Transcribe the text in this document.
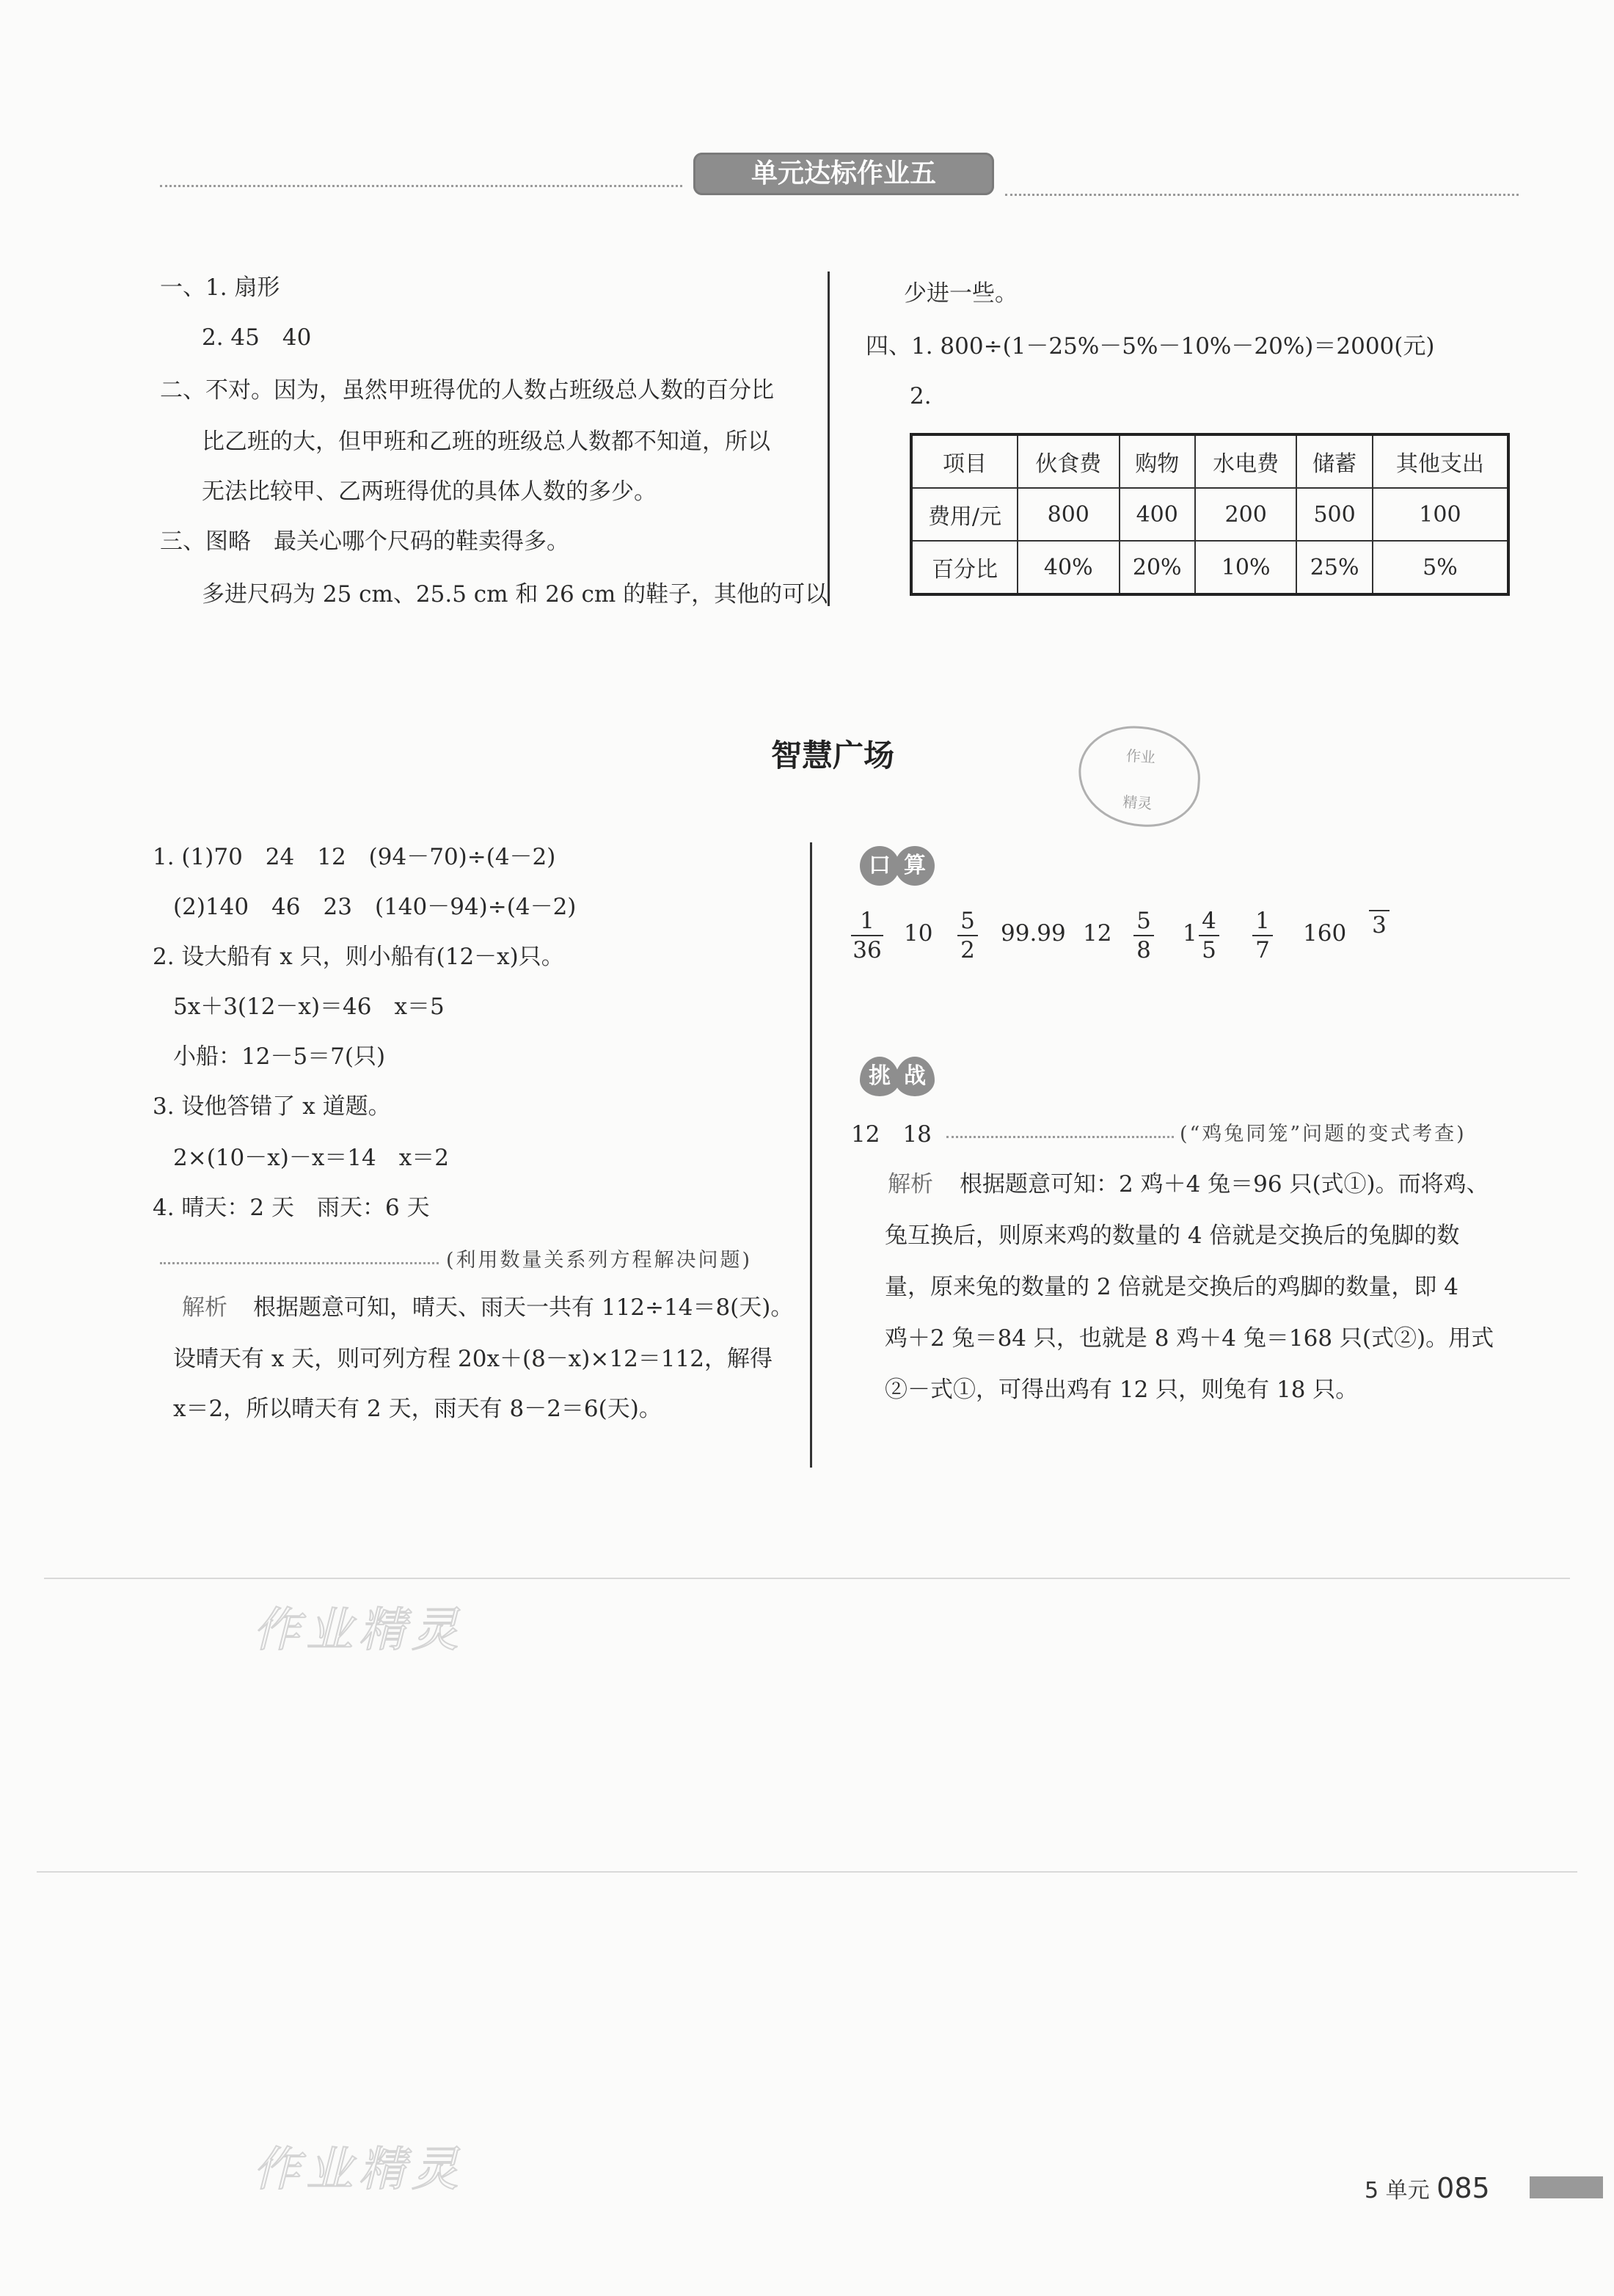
单元达标作业五
一、1. 扇形
2. 45　40
二、不对。因为，虽然甲班得优的人数占班级总人数的百分比
比乙班的大，但甲班和乙班的班级总人数都不知道，所以
无法比较甲、乙两班得优的具体人数的多少。
三、图略　最关心哪个尺码的鞋卖得多。
多进尺码为 25 cm、25.5 cm 和 26 cm 的鞋子，其他的可以
少进一些。
四、1. 800÷(1－25%－5%－10%－20%)＝2000(元)
2.
项目	伙食费	购物	水电费	储蓄	其他支出
费用/元	800	400	200	500	100
百分比	40%	20%	10%	25%	5%
智慧广场	作业
精灵
1. (1)70　24　12　(94－70)÷(4－2)
(2)140　46　23　(140－94)÷(4－2)
2. 设大船有 x 只，则小船有(12－x)只。
5x＋3(12－x)＝46　x＝5
小船：12－5＝7(只)
3. 设他答错了 x 道题。
2×(10－x)－x＝14　x＝2
4. 晴天：2 天　雨天：6 天
(利用数量关系列方程解决问题)
解析 根据题意可知，晴天、雨天一共有 112÷14＝8(天)。
设晴天有 x 天，则可列方程 20x＋(8－x)×12＝112，解得
x＝2，所以晴天有 2 天，雨天有 8－2＝6(天)。
口 算
1
36
10 5
2
99.99 12 5
8
1 4
5
1
7
160 3
挑 战
12　18	(“鸡兔同笼”问题的变式考查)
解析 根据题意可知：2 鸡＋4 兔＝96 只(式①)。而将鸡、
兔互换后，则原来鸡的数量的 4 倍就是交换后的兔脚的数
量，原来兔的数量的 2 倍就是交换后的鸡脚的数量，即 4
鸡＋2 兔＝84 只，也就是 8 鸡＋4 兔＝168 只(式②)。用式
②－式①，可得出鸡有 12 只，则兔有 18 只。
作业精灵
作业精灵	5 单元 085
